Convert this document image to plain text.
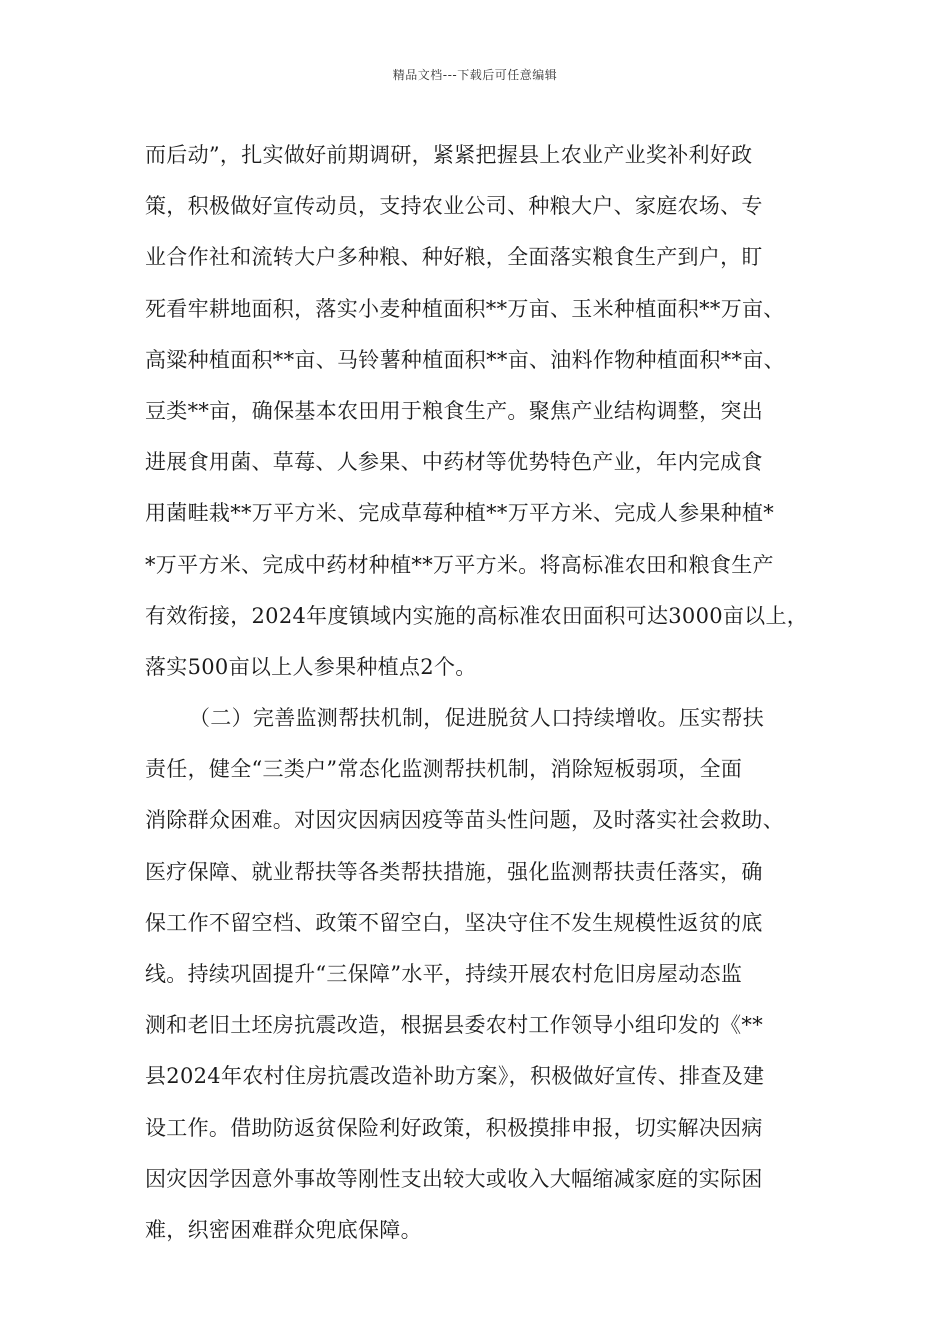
精品文档---下载后可任意编辑
而后动”，扎实做好前期调研，紧紧把握县上农业产业奖补利好政
策，积极做好宣传动员，支持农业公司、种粮大户、家庭农场、专
业合作社和流转大户多种粮、种好粮，全面落实粮食生产到户，盯
死看牢耕地面积，落实小麦种植面积**万亩、玉米种植面积**万亩、
高粱种植面积**亩、马铃薯种植面积**亩、油料作物种植面积**亩、
豆类**亩，确保基本农田用于粮食生产。聚焦产业结构调整，突出
进展食用菌、草莓、人参果、中药材等优势特色产业，年内完成食
用菌畦栽**万平方米、完成草莓种植**万平方米、完成人参果种植*
*万平方米、完成中药材种植**万平方米。将高标准农田和粮食生产
有效衔接，2024年度镇域内实施的高标准农田面积可达3000亩以上，
落实500亩以上人参果种植点2个。
（二）完善监测帮扶机制，促进脱贫人口持续增收。压实帮扶
责任，健全“三类户”常态化监测帮扶机制，消除短板弱项，全面
消除群众困难。对因灾因病因疫等苗头性问题，及时落实社会救助、
医疗保障、就业帮扶等各类帮扶措施，强化监测帮扶责任落实，确
保工作不留空档、政策不留空白，坚决守住不发生规模性返贫的底
线。持续巩固提升“三保障”水平，持续开展农村危旧房屋动态监
测和老旧土坯房抗震改造，根据县委农村工作领导小组印发的《**
县2024年农村住房抗震改造补助方案》，积极做好宣传、排查及建
设工作。借助防返贫保险利好政策，积极摸排申报，切实解决因病
因灾因学因意外事故等刚性支出较大或收入大幅缩减家庭的实际困
难，织密困难群众兜底保障。
